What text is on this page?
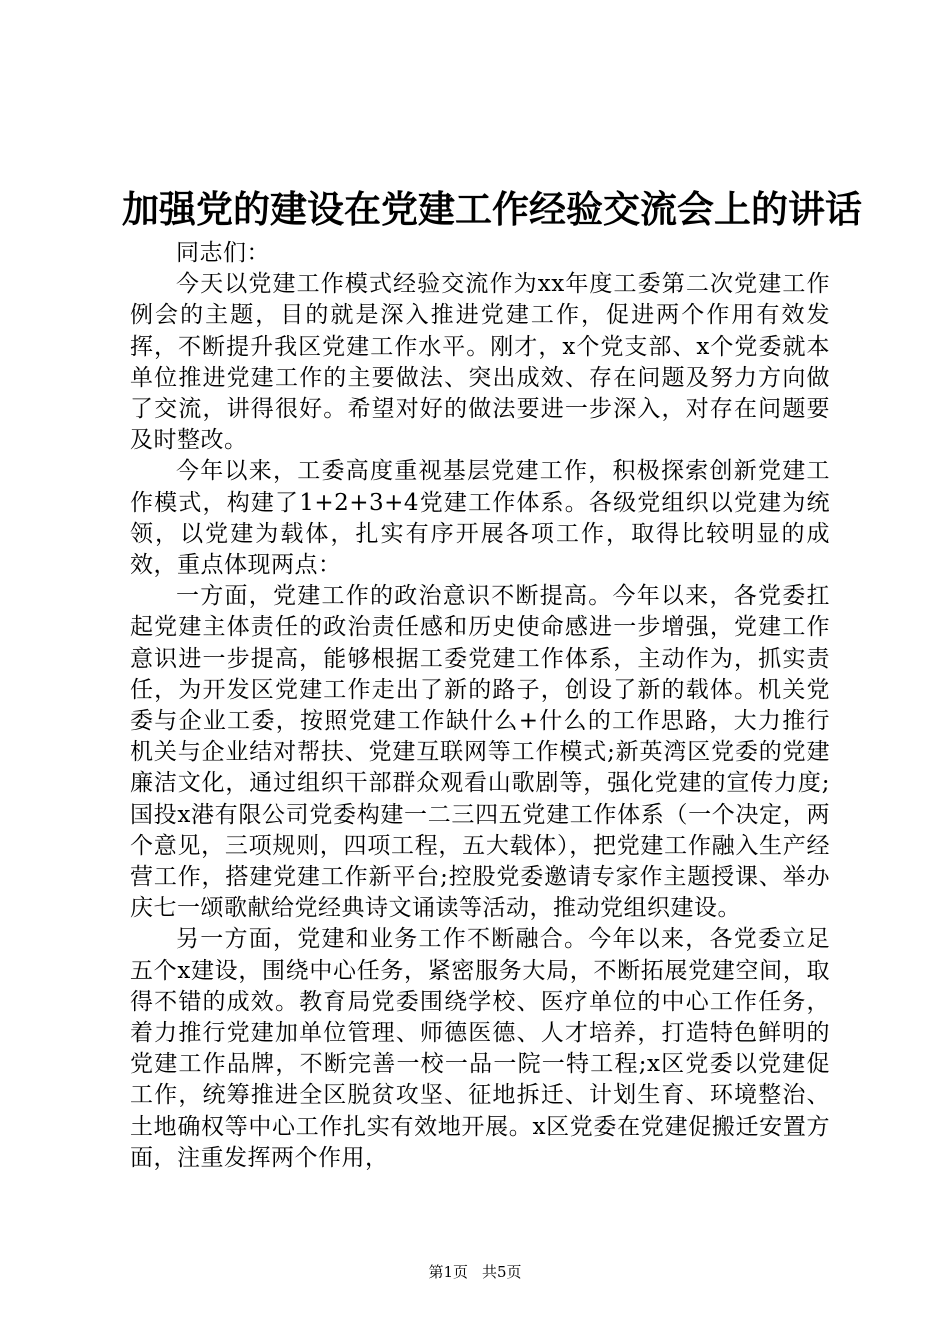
加强党的建设在党建工作经验交流会上的讲话

同志们：

今天以党建工作模式经验交流作为xx年度工委第二次党建工作例会的主题，目的就是深入推进党建工作，促进两个作用有效发挥，不断提升我区党建工作水平。刚才，x个党支部、x个党委就本单位推进党建工作的主要做法、突出成效、存在问题及努力方向做了交流，讲得很好。希望对好的做法要进一步深入，对存在问题要及时整改。

今年以来，工委高度重视基层党建工作，积极探索创新党建工作模式，构建了1+2+3+4党建工作体系。各级党组织以党建为统领，以党建为载体，扎实有序开展各项工作，取得比较明显的成效，重点体现两点：

一方面，党建工作的政治意识不断提高。今年以来，各党委扛起党建主体责任的政治责任感和历史使命感进一步增强，党建工作意识进一步提高，能够根据工委党建工作体系，主动作为，抓实责任，为开发区党建工作走出了新的路子，创设了新的载体。机关党委与企业工委，按照党建工作缺什么+什么的工作思路，大力推行机关与企业结对帮扶、党建互联网等工作模式;新英湾区党委的党建廉洁文化，通过组织干部群众观看山歌剧等，强化党建的宣传力度;国投x港有限公司党委构建一二三四五党建工作体系（一个决定，两个意见，三项规则，四项工程，五大载体），把党建工作融入生产经营工作，搭建党建工作新平台;控股党委邀请专家作主题授课、举办庆七一颂歌献给党经典诗文诵读等活动，推动党组织建设。

另一方面，党建和业务工作不断融合。今年以来，各党委立足五个x建设，围绕中心任务，紧密服务大局，不断拓展党建空间，取得不错的成效。教育局党委围绕学校、医疗单位的中心工作任务，着力推行党建加单位管理、师德医德、人才培养，打造特色鲜明的党建工作品牌，不断完善一校一品一院一特工程;x区党委以党建促工作，统筹推进全区脱贫攻坚、征地拆迁、计划生育、环境整治、土地确权等中心工作扎实有效地开展。x区党委在党建促搬迁安置方面，注重发挥两个作用，

第1页 共5页
